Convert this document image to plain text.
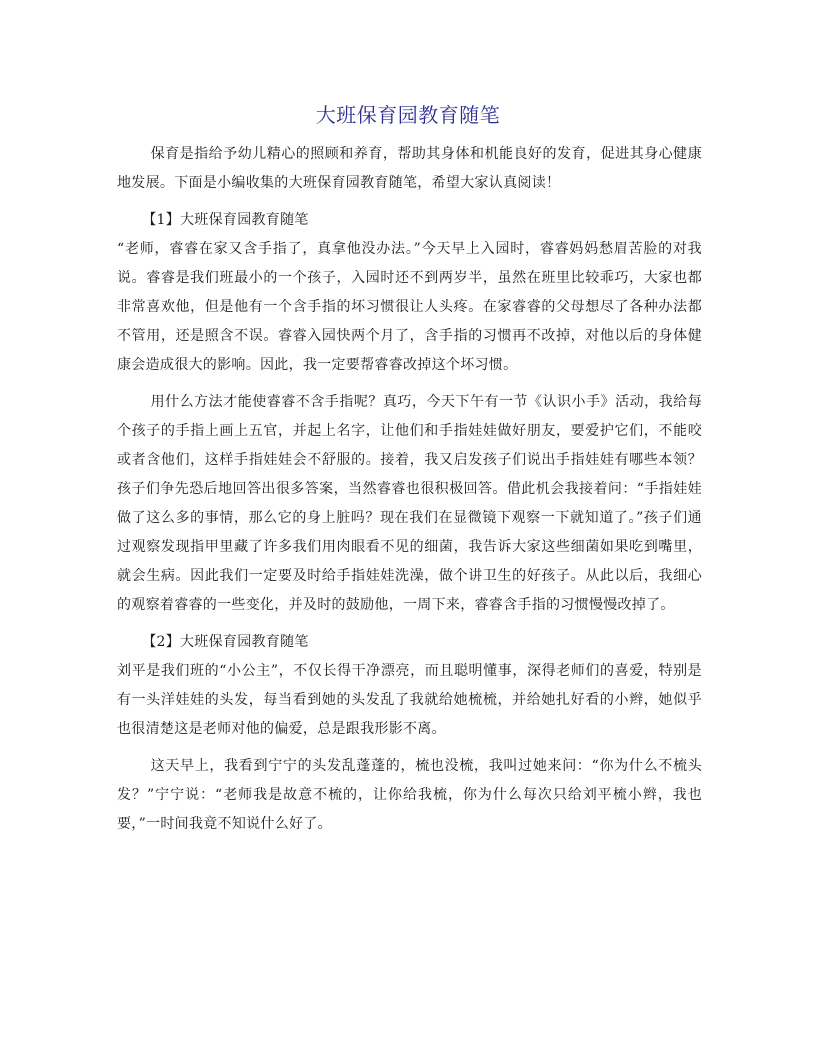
大班保育园教育随笔

保育是指给予幼儿精心的照顾和养育，帮助其身体和机能良好的发育，促进其身心健康地发展。下面是小编收集的大班保育园教育随笔，希望大家认真阅读！

【1】大班保育园教育随笔

“老师，睿睿在家又含手指了，真拿他没办法。”今天早上入园时，睿睿妈妈愁眉苦脸的对我说。睿睿是我们班最小的一个孩子，入园时还不到两岁半，虽然在班里比较乖巧，大家也都非常喜欢他，但是他有一个含手指的坏习惯很让人头疼。在家睿睿的父母想尽了各种办法都不管用，还是照含不误。睿睿入园快两个月了，含手指的习惯再不改掉，对他以后的身体健康会造成很大的影响。因此，我一定要帮睿睿改掉这个坏习惯。

用什么方法才能使睿睿不含手指呢？真巧，今天下午有一节《认识小手》活动，我给每个孩子的手指上画上五官，并起上名字，让他们和手指娃娃做好朋友，要爱护它们，不能咬或者含他们，这样手指娃娃会不舒服的。接着，我又启发孩子们说出手指娃娃有哪些本领？孩子们争先恐后地回答出很多答案，当然睿睿也很积极回答。借此机会我接着问：“手指娃娃做了这么多的事情，那么它的身上脏吗？现在我们在显微镜下观察一下就知道了。”孩子们通过观察发现指甲里藏了许多我们用肉眼看不见的细菌，我告诉大家这些细菌如果吃到嘴里，就会生病。因此我们一定要及时给手指娃娃洗澡，做个讲卫生的好孩子。从此以后，我细心的观察着睿睿的一些变化，并及时的鼓励他，一周下来，睿睿含手指的习惯慢慢改掉了。

【2】大班保育园教育随笔

刘平是我们班的“小公主”，不仅长得干净漂亮，而且聪明懂事，深得老师们的喜爱，特别是有一头洋娃娃的头发，每当看到她的头发乱了我就给她梳梳，并给她扎好看的小辫，她似乎也很清楚这是老师对他的偏爱，总是跟我形影不离。

这天早上，我看到宁宁的头发乱蓬蓬的，梳也没梳，我叫过她来问：“你为什么不梳头发？”宁宁说：“老师我是故意不梳的，让你给我梳，你为什么每次只给刘平梳小辫，我也要，”一时间我竟不知说什么好了。
